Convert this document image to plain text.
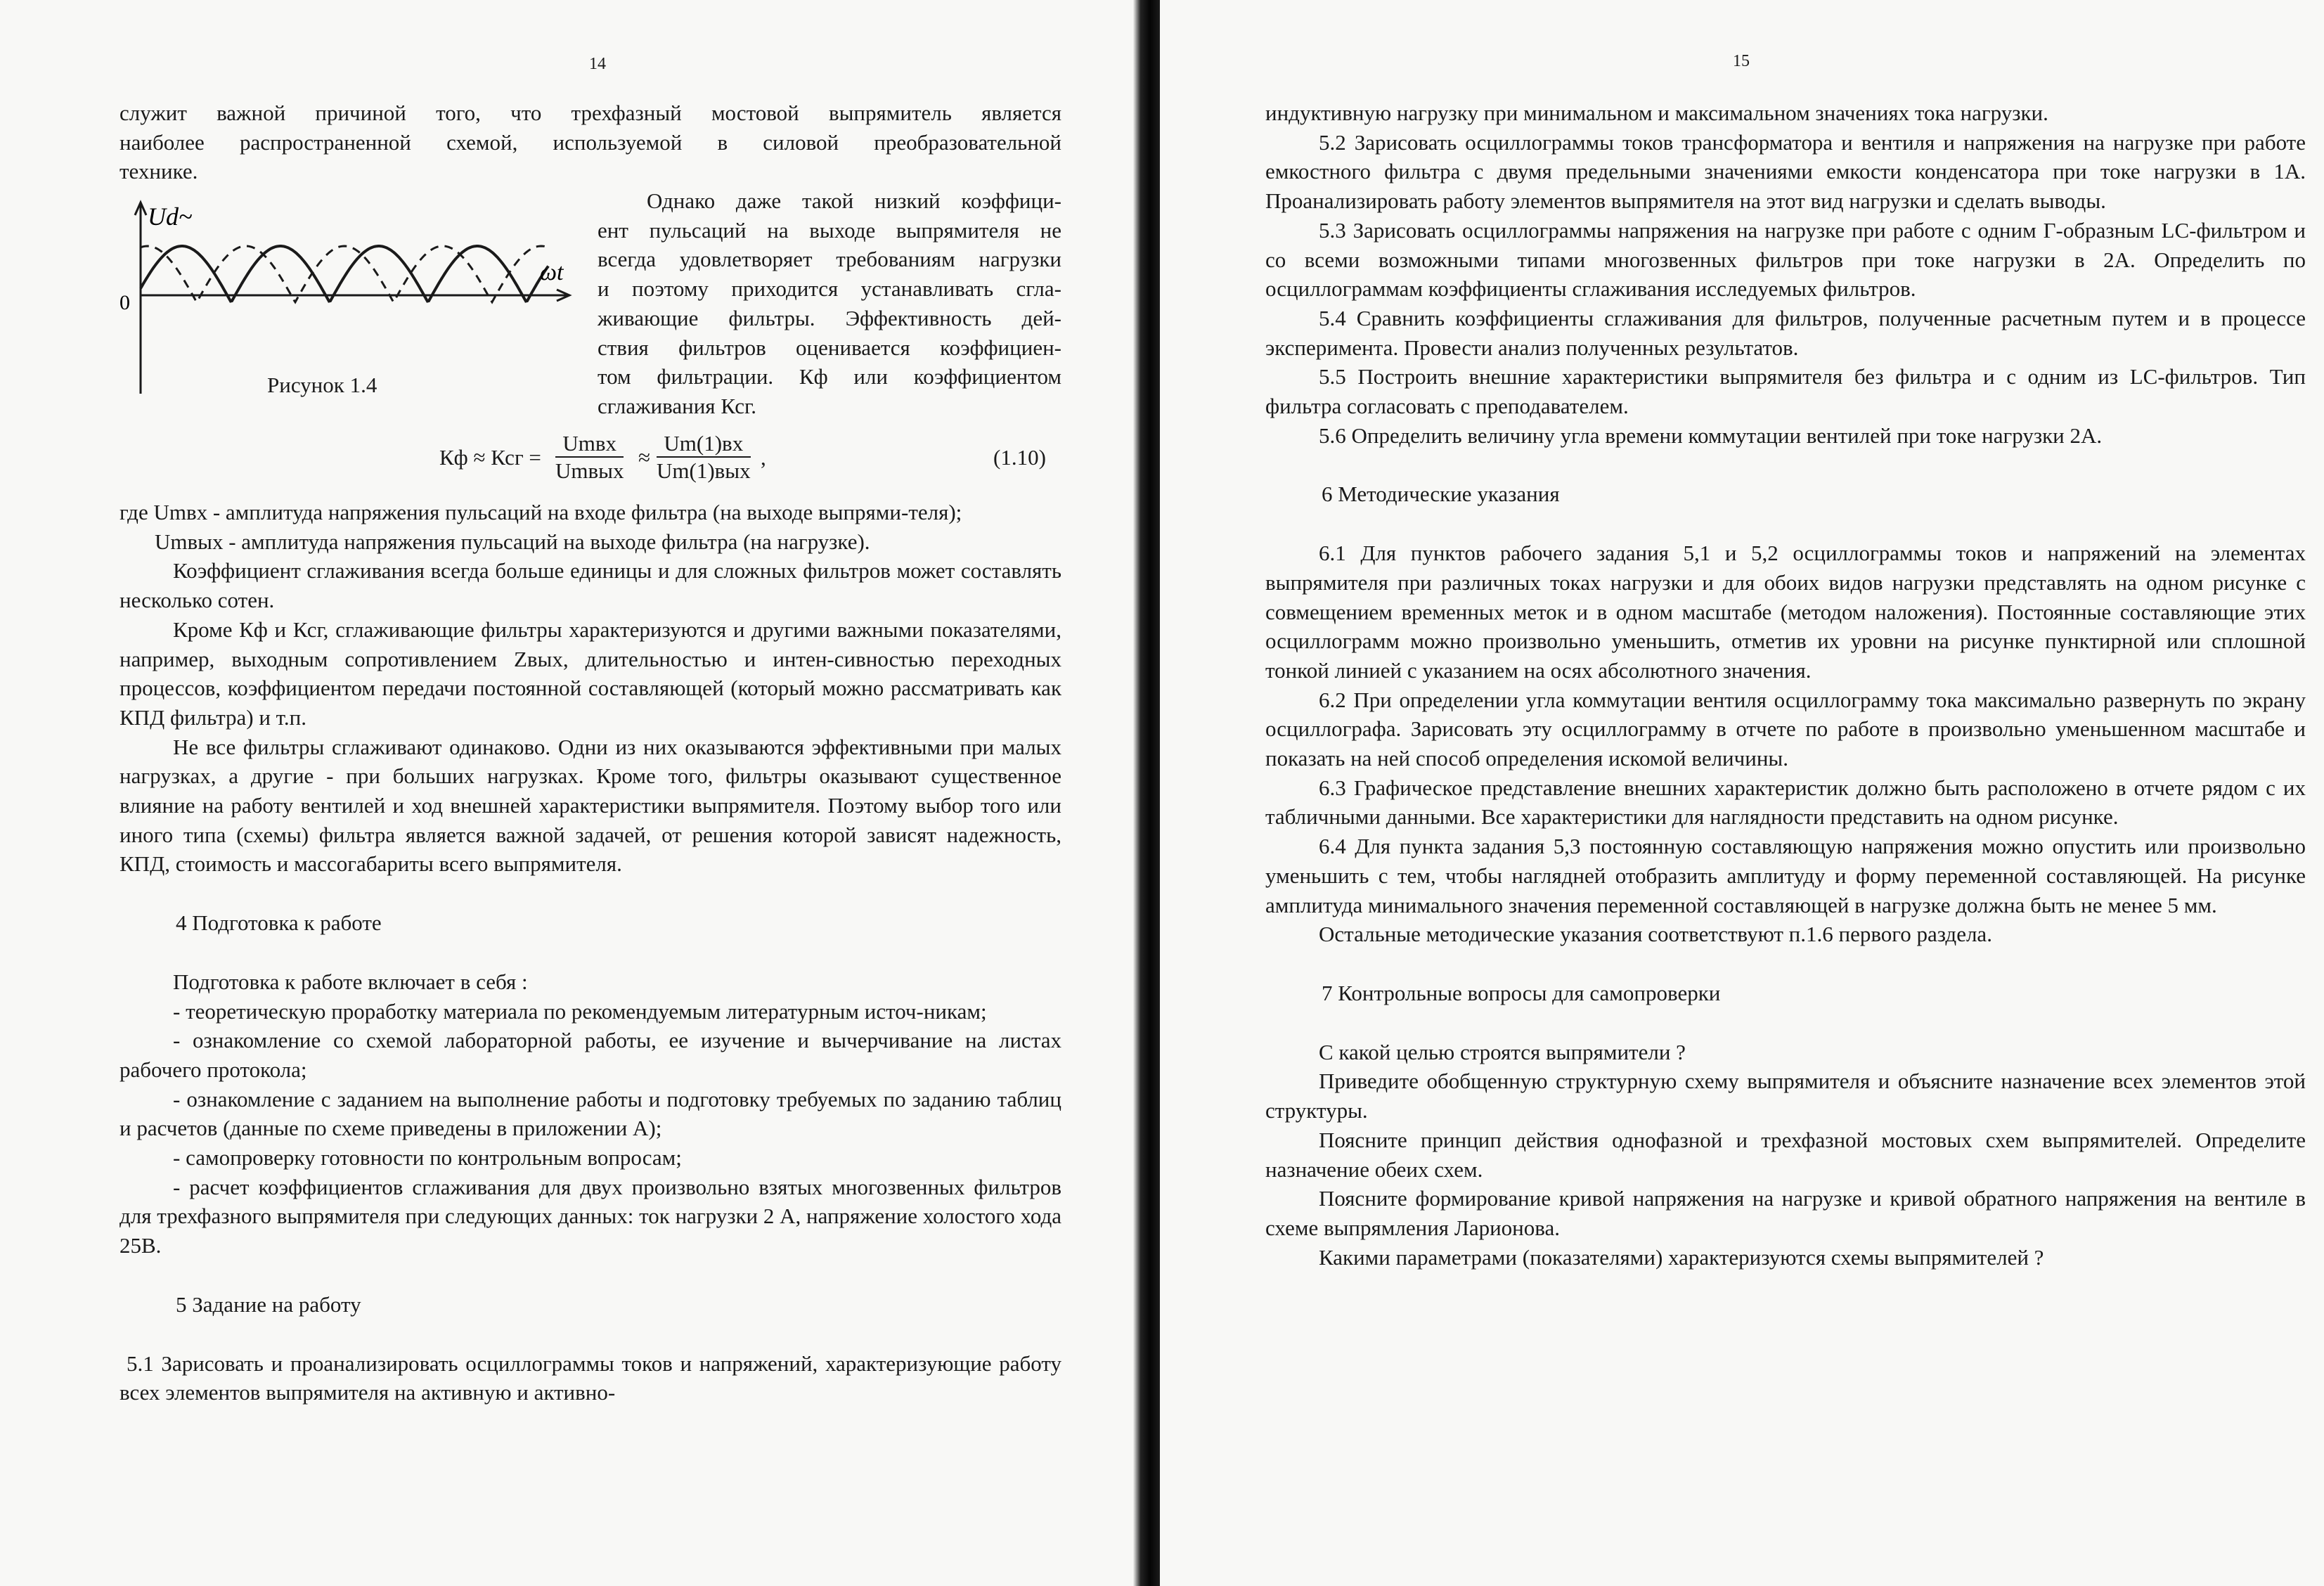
14

служит важной причиной того, что трехфазный мостовой выпрямитель является

наиболее распространенной схемой, используемой в силовой преобразовательной

технике.

Ud~
0
ωt
Рисунок 1.4

Однако даже такой низкий коэффици-

ент пульсаций на выходе выпрямителя не

всегда удовлетворяет требованиям нагрузки

и поэтому приходится устанавливать сгла-

живающие фильтры. Эффективность дей-

ствия фильтров оценивается коэффициен-

том фильтрации. Кф или коэффициентом

сглаживания Ксг.

Кф ≈ Ксг =
Umвх
Umвых
≈
Um(1)вх
Um(1)вых
,	(1.10)

где Umвх - амплитуда напряжения пульсаций на входе фильтра (на выходе выпрями-теля);

Umвых - амплитуда напряжения пульсаций на выходе фильтра (на нагрузке).

Коэффициент сглаживания всегда больше единицы и для сложных фильтров может составлять несколько сотен.

Кроме Кф и Ксг, сглаживающие фильтры характеризуются и другими важными показателями, например, выходным сопротивлением Zвых, длительностью и интен-сивностью переходных процессов, коэффициентом передачи постоянной составляющей (который можно рассматривать как КПД фильтра) и т.п.

Не все фильтры сглаживают одинаково. Одни из них оказываются эффективными при малых нагрузках, а другие - при больших нагрузках. Кроме того, фильтры оказывают существенное влияние на работу вентилей и ход внешней характеристики выпрямителя. Поэтому выбор того или иного типа (схемы) фильтра является важной задачей, от решения которой зависят надежность, КПД, стоимость и массогабариты всего выпрямителя.

4 Подготовка к работе

Подготовка к работе включает в себя :

- теоретическую проработку материала по рекомендуемым литературным источ-никам;

- ознакомление со схемой лабораторной работы, ее изучение и вычерчивание на листах рабочего протокола;

- ознакомление с заданием на выполнение работы и подготовку требуемых по заданию таблиц и расчетов (данные по схеме приведены в приложении А);

- самопроверку готовности по контрольным вопросам;

- расчет коэффициентов сглаживания для двух произвольно взятых многозвенных фильтров для трехфазного выпрямителя при следующих данных: ток нагрузки 2 А, напряжение холостого хода 25В.

5 Задание на работу

5.1 Зарисовать и проанализировать осциллограммы токов и напряжений, характеризующие работу всех элементов выпрямителя на активную и активно-

15

индуктивную нагрузку при минимальном и максимальном значениях тока нагрузки.

5.2 Зарисовать осциллограммы токов трансформатора и вентиля и напряжения на нагрузке при работе емкостного фильтра с двумя предельными значениями емкости конденсатора при токе нагрузки в 1А. Проанализировать работу элементов выпрямителя на этот вид нагрузки и сделать выводы.

5.3 Зарисовать осциллограммы напряжения на нагрузке при работе с одним Г-образным LC-фильтром и со всеми возможными типами многозвенных фильтров при токе нагрузки в 2А. Определить по осциллограммам коэффициенты сглаживания исследуемых фильтров.

5.4 Сравнить коэффициенты сглаживания для фильтров, полученные расчетным путем и в процессе эксперимента. Провести анализ полученных результатов.

5.5 Построить внешние характеристики выпрямителя без фильтра и с одним из LC-фильтров. Тип фильтра согласовать с преподавателем.

5.6 Определить величину угла времени коммутации вентилей при токе нагрузки 2А.

6 Методические указания

6.1 Для пунктов рабочего задания 5,1 и 5,2 осциллограммы токов и напряжений на элементах выпрямителя при различных токах нагрузки и для обоих видов нагрузки представлять на одном рисунке с совмещением временных меток и в одном масштабе (методом наложения). Постоянные составляющие этих осциллограмм можно произвольно уменьшить, отметив их уровни на рисунке пунктирной или сплошной тонкой линией с указанием на осях абсолютного значения.

6.2 При определении угла коммутации вентиля осциллограмму тока максимально развернуть по экрану осциллографа. Зарисовать эту осциллограмму в отчете по работе в произвольно уменьшенном масштабе и показать на ней способ определения искомой величины.

6.3 Графическое представление внешних характеристик должно быть расположено в отчете рядом с их табличными данными. Все характеристики для наглядности представить на одном рисунке.

6.4 Для пункта задания 5,3 постоянную составляющую напряжения можно опустить или произвольно уменьшить с тем, чтобы наглядней отобразить амплитуду и форму переменной составляющей. На рисунке амплитуда минимального значения переменной составляющей в нагрузке должна быть не менее 5 мм.

Остальные методические указания соответствуют п.1.6 первого раздела.

7 Контрольные вопросы для самопроверки

С какой целью строятся выпрямители ?

Приведите обобщенную структурную схему выпрямителя и объясните назначение всех элементов этой структуры.

Поясните принцип действия однофазной и трехфазной мостовых схем выпрямителей. Определите назначение обеих схем.

Поясните формирование кривой напряжения на нагрузке и кривой обратного напряжения на вентиле в схеме выпрямления Ларионова.

Какими параметрами (показателями) характеризуются схемы выпрямителей ?
